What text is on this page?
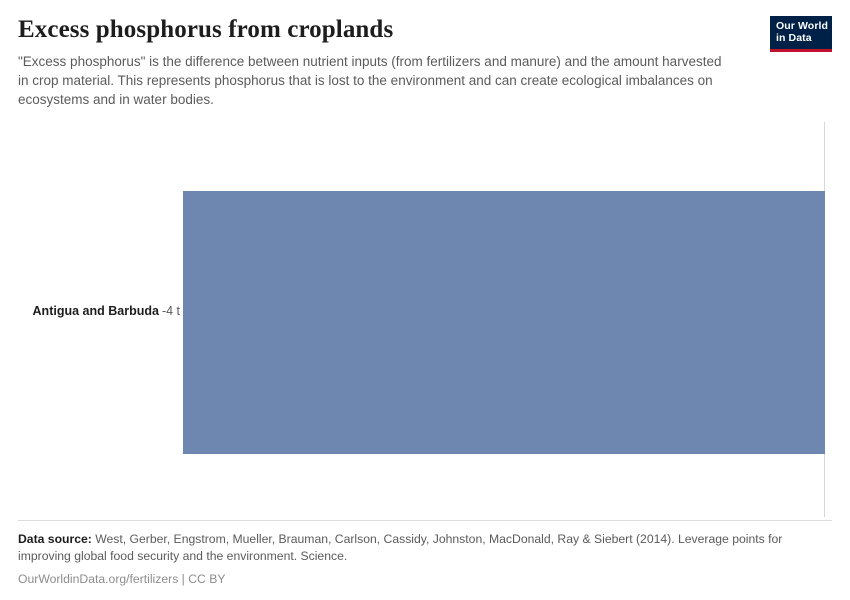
Excess phosphorus from croplands

"Excess phosphorus" is the difference between nutrient inputs (from fertilizers and manure) and the amount harvested in crop material. This represents phosphorus that is lost to the environment and can create ecological imbalances on ecosystems and in water bodies.

Our World
in Data
Antigua and Barbuda -4 t

Data source: West, Gerber, Engstrom, Mueller, Brauman, Carlson, Cassidy, Johnston, MacDonald, Ray & Siebert (2014). Leverage points for improving global food security and the environment. Science.

OurWorldinData.org/fertilizers | CC BY
